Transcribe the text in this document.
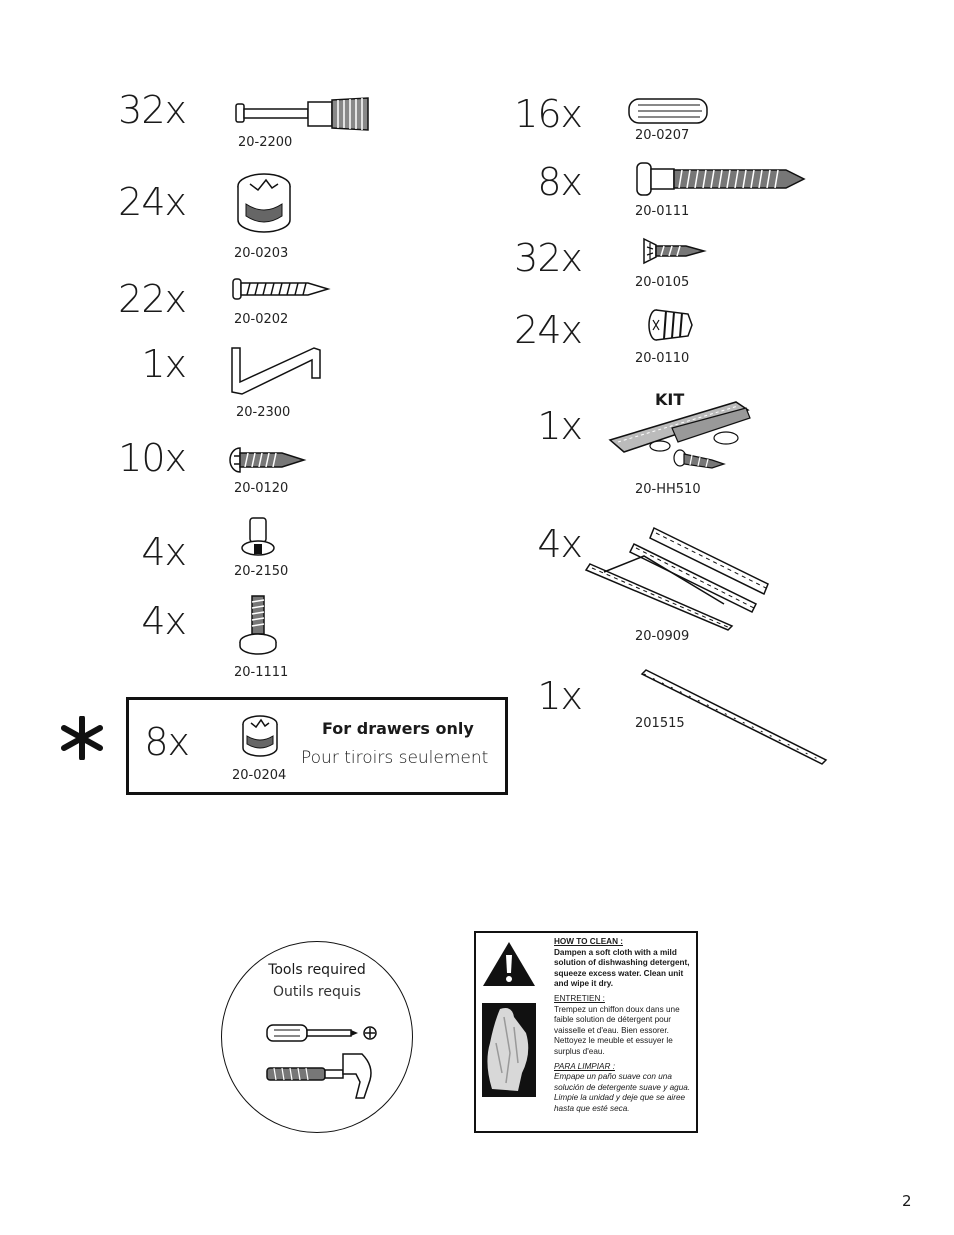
32x
20-2200
24x
20-0203
22x	20-0202
1x
20-2300
10x
20-0120
4x	20-2150
4x
20-1111
8x
20-0204
For drawers only
Pour tiroirs seulement
16x	20-0207
8x
20-0111
32x
20-0105
24x
20-0110
1x
KIT
20-HH510
4x
20-0909
1x
201515
Tools required
Outils requis

HOW TO CLEAN :
Dampen a soft cloth with a mild solution of dishwashing detergent, squeeze excess water. Clean unit and wipe it dry.

ENTRETIEN :
Trempez un chiffon doux dans une faible solution de détergent pour vaisselle et d'eau. Bien essorer. Nettoyez le meuble et essuyer le surplus d'eau.

PARA LIMPIAR :
Empape un paño suave con una solución de detergente suave y agua. Limpie la unidad y deje que se airee hasta que esté seca.

2
